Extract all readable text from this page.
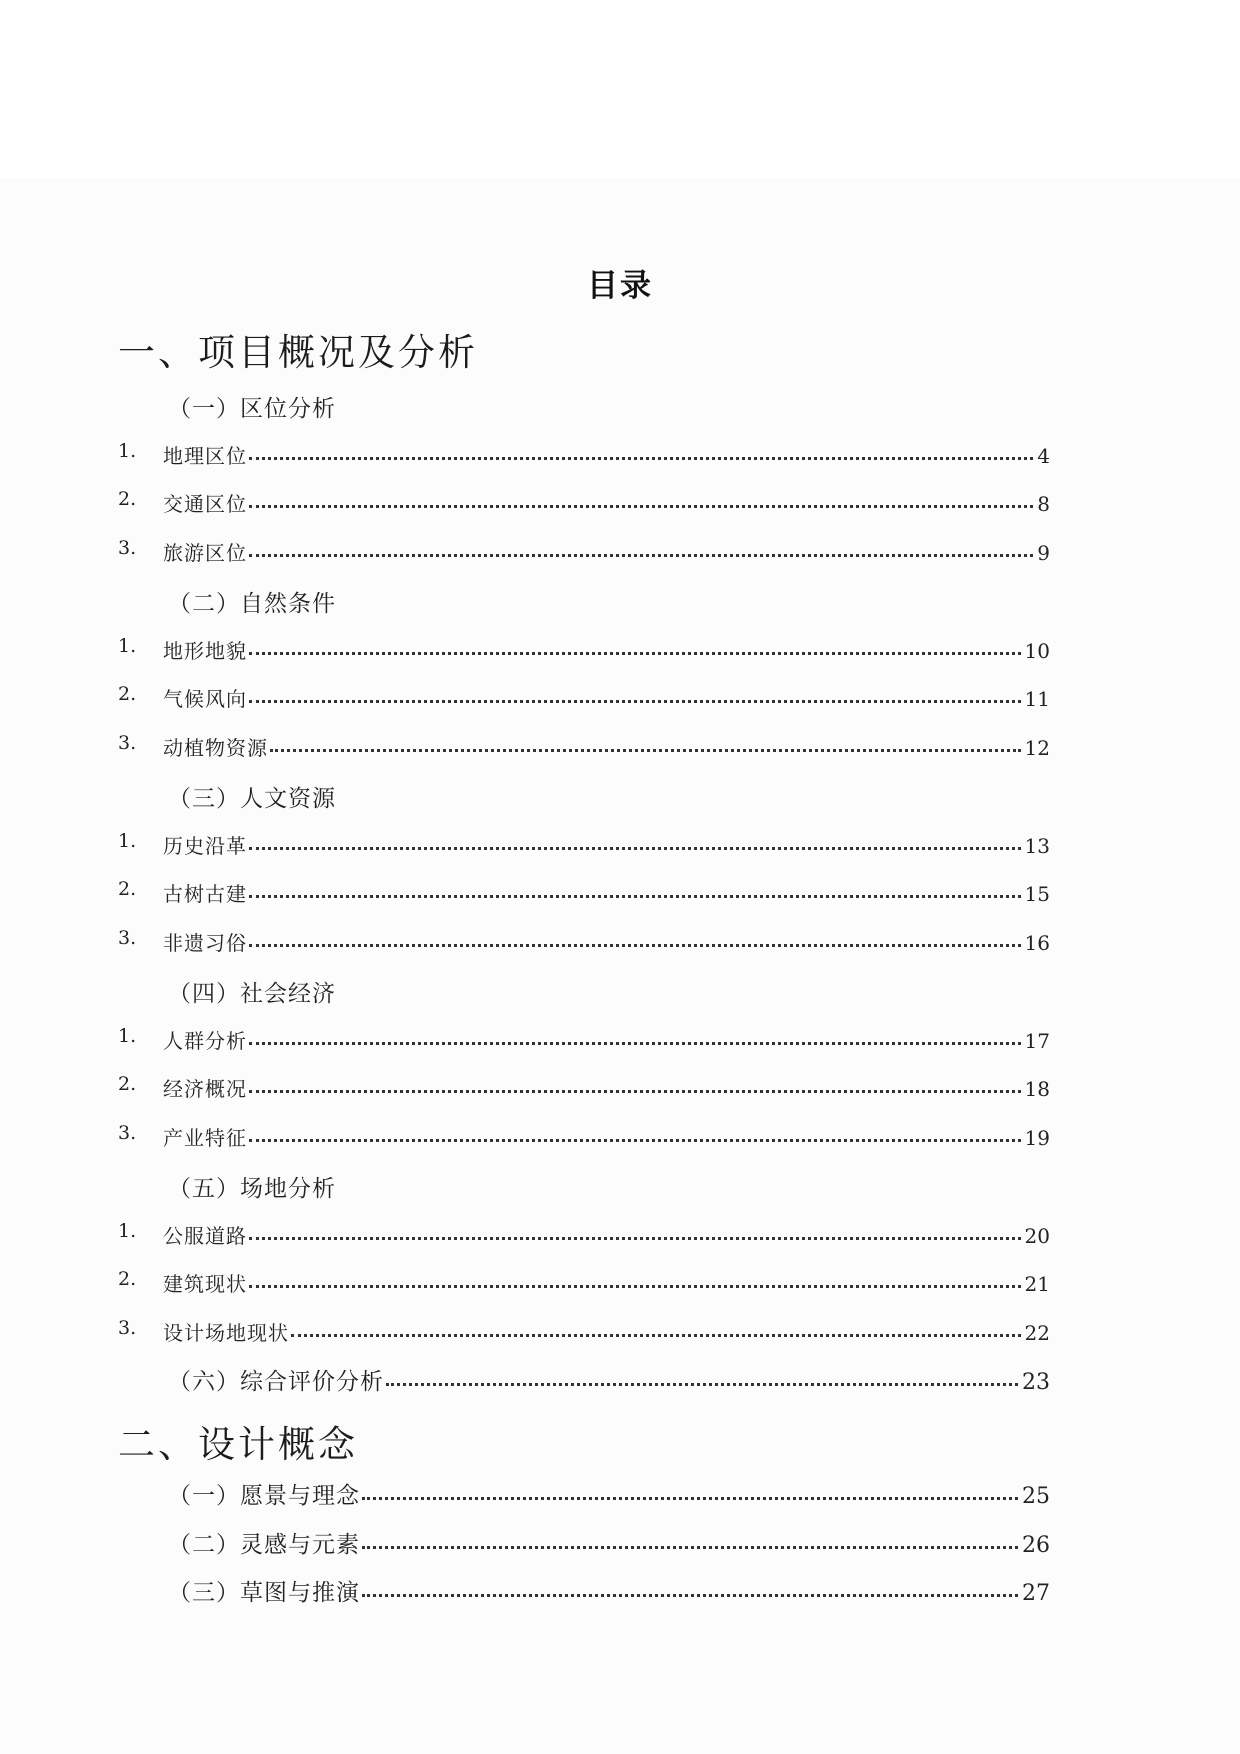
目录
一、项目概况及分析
（一）区位分析
1. 地理区位	4
2. 交通区位	8
3. 旅游区位	9
（二）自然条件
1. 地形地貌	10
2. 气候风向	11
3. 动植物资源	12
（三）人文资源
1. 历史沿革	13
2. 古树古建	15
3. 非遗习俗	16
（四）社会经济
1. 人群分析	17
2. 经济概况	18
3. 产业特征	19
（五）场地分析
1. 公服道路	20
2. 建筑现状	21
3. 设计场地现状	22
（六）综合评价分析	23
二、设计概念
（一）愿景与理念	25
（二）灵感与元素	26
（三）草图与推演	27
